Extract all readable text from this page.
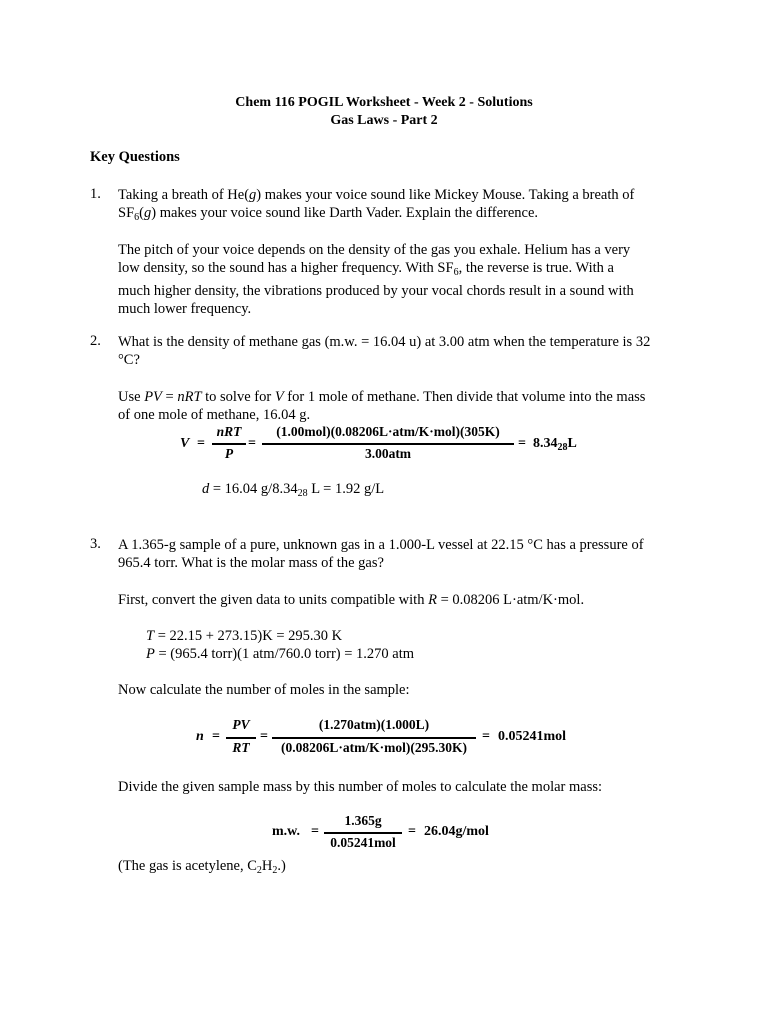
Chem 116 POGIL Worksheet - Week 2 - Solutions
Gas Laws - Part 2
Key Questions
1. Taking a breath of He(g) makes your voice sound like Mickey Mouse. Taking a breath of
$SF_6(g)$ makes your voice sound like Darth Vader. Explain the difference.
The pitch of your voice depends on the density of the gas you exhale. Helium has a very
low density, so the sound has a higher frequency. With $SF_6$, the reverse is true. With a
much higher density, the vibrations produced by your vocal chords result in a sound with
much lower frequency.
2. What is the density of methane gas (m.w. = 16.04 u) at 3.00 atm when the temperature is 32
°C?
Use PV = nRT to solve for V for 1 mole of methane. Then divide that volume into the mass
of one mole of methane, 16.04 g.
V =
nRT
P
=
(1.00mol)(0.08206L·atm/K·mol)(305K)
3.00atm
= $8.34_{28}L$
d = 16.04 $g/8.34_{28}$ L = 1.92 g/L
3. A 1.365-g sample of a pure, unknown gas in a 1.000-L vessel at 22.15 °C has a pressure of
965.4 torr. What is the molar mass of the gas?
First, convert the given data to units compatible with R = 0.08206 L·atm/K·mol.
T = 22.15 + 273.15)K = 295.30 K
P = (965.4 torr)(1 atm/760.0 torr) = 1.270 atm
Now calculate the number of moles in the sample:
n =
PV
RT
=
(1.270atm)(1.000L)
(0.08206L·atm/K·mol)(295.30K)
= 0.05241mol
Divide the given sample mass by this number of moles to calculate the molar mass:
m.w. =
1.365g
0.05241mol
= 26.04g/mol
(The gas is acetylene, $C_2H_2$.)
